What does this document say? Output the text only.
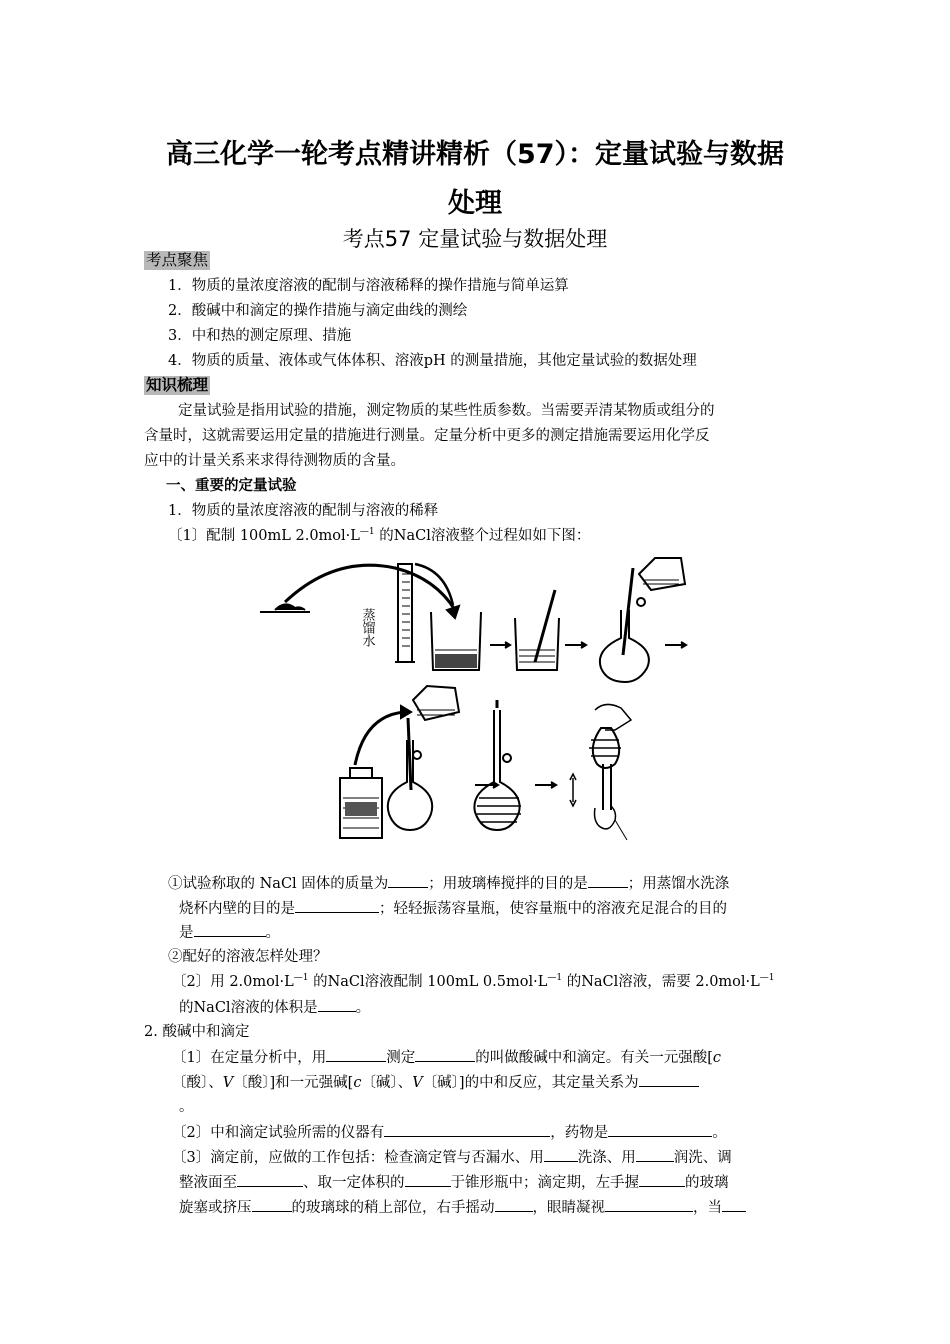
高三化学一轮考点精讲精析（57）：定量试验与数据
处理
考点57 定量试验与数据处理
考点聚焦
1．物质的量浓度溶液的配制与溶液稀释的操作措施与简单运算
2．酸碱中和滴定的操作措施与滴定曲线的测绘
3．中和热的测定原理、措施
4．物质的质量、液体或气体体积、溶液pH 的测量措施，其他定量试验的数据处理
知识梳理
定量试验是指用试验的措施，测定物质的某些性质参数。当需要弄清某物质或组分的
含量时，这就需要运用定量的措施进行测量。定量分析中更多的测定措施需要运用化学反
应中的计量关系来求得待测物质的含量。
一、重要的定量试验
1．物质的量浓度溶液的配制与溶液的稀释
〔1〕配制 100mL $2.0mol\cdot L^{—1}$ 的NaCl溶液整个过程如如下图：
蒸馏水
①试验称取的 NaCl 固体的质量为	；用玻璃棒搅拌的目的是	；用蒸馏水洗涤
烧杯内壁的目的是	；轻轻振荡容量瓶，使容量瓶中的溶液充足混合的目的
是	。
②配好的溶液怎样处理？
〔2〕用 $2.0mol\cdot L^{—1}$ 的NaCl溶液配制 100mL $0.5mol\cdot L^{—1}$ 的NaCl溶液，需要 $2.0mol\cdot L^{—1}$
的NaCl溶液的体积是	。
2. 酸碱中和滴定
〔1〕在定量分析中，用	测定	的叫做酸碱中和滴定。有关一元强酸[c
〔酸〕、V〔酸〕]和一元强碱[c〔碱〕、V〔碱〕]的中和反应，其定量关系为
。
〔2〕中和滴定试验所需的仪器有	，药物是	。
〔3〕滴定前，应做的工作包括：检查滴定管与否漏水、用 洗涤、用	润洗、调
整液面至	、取一定体积的	于锥形瓶中；滴定期，左手握	的玻璃
旋塞或挤压	的玻璃球的稍上部位，右手摇动	，眼睛凝视	，当
